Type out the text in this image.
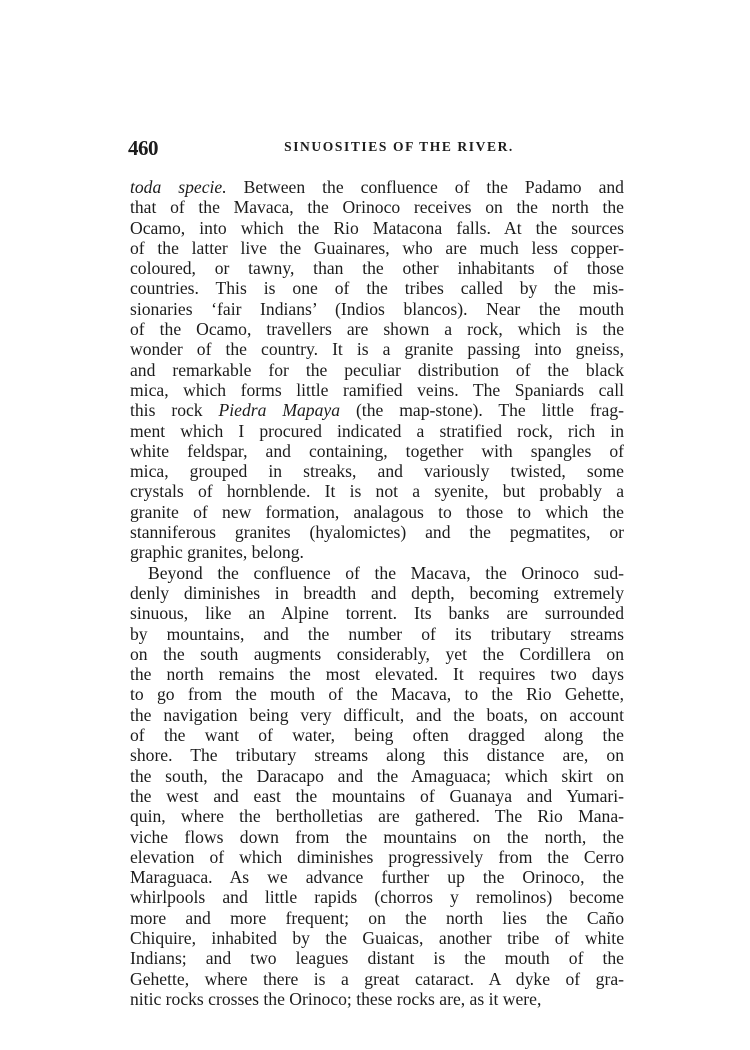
460	SINUOSITIES OF THE RIVER.
toda specie. Between the confluence of the Padamo and
that of the Mavaca, the Orinoco receives on the north the
Ocamo, into which the Rio Matacona falls. At the sources
of the latter live the Guainares, who are much less copper-
coloured, or tawny, than the other inhabitants of those
countries. This is one of the tribes called by the mis-
sionaries ‘fair Indians’ (Indios blancos). Near the mouth
of the Ocamo, travellers are shown a rock, which is the
wonder of the country. It is a granite passing into gneiss,
and remarkable for the peculiar distribution of the black
mica, which forms little ramified veins. The Spaniards call
this rock Piedra Mapaya (the map-stone). The little frag-
ment which I procured indicated a stratified rock, rich in
white feldspar, and containing, together with spangles of
mica, grouped in streaks, and variously twisted, some
crystals of hornblende. It is not a syenite, but probably a
granite of new formation, analagous to those to which the
stanniferous granites (hyalomictes) and the pegmatites, or
graphic granites, belong.
Beyond the confluence of the Macava, the Orinoco sud-
denly diminishes in breadth and depth, becoming extremely
sinuous, like an Alpine torrent. Its banks are surrounded
by mountains, and the number of its tributary streams
on the south augments considerably, yet the Cordillera on
the north remains the most elevated. It requires two days
to go from the mouth of the Macava, to the Rio Gehette,
the navigation being very difficult, and the boats, on account
of the want of water, being often dragged along the
shore. The tributary streams along this distance are, on
the south, the Daracapo and the Amaguaca; which skirt on
the west and east the mountains of Guanaya and Yumari-
quin, where the bertholletias are gathered. The Rio Mana-
viche flows down from the mountains on the north, the
elevation of which diminishes progressively from the Cerro
Maraguaca. As we advance further up the Orinoco, the
whirlpools and little rapids (chorros y remolinos) become
more and more frequent; on the north lies the Caño
Chiquire, inhabited by the Guaicas, another tribe of white
Indians; and two leagues distant is the mouth of the
Gehette, where there is a great cataract. A dyke of gra-
nitic rocks crosses the Orinoco; these rocks are, as it were,
